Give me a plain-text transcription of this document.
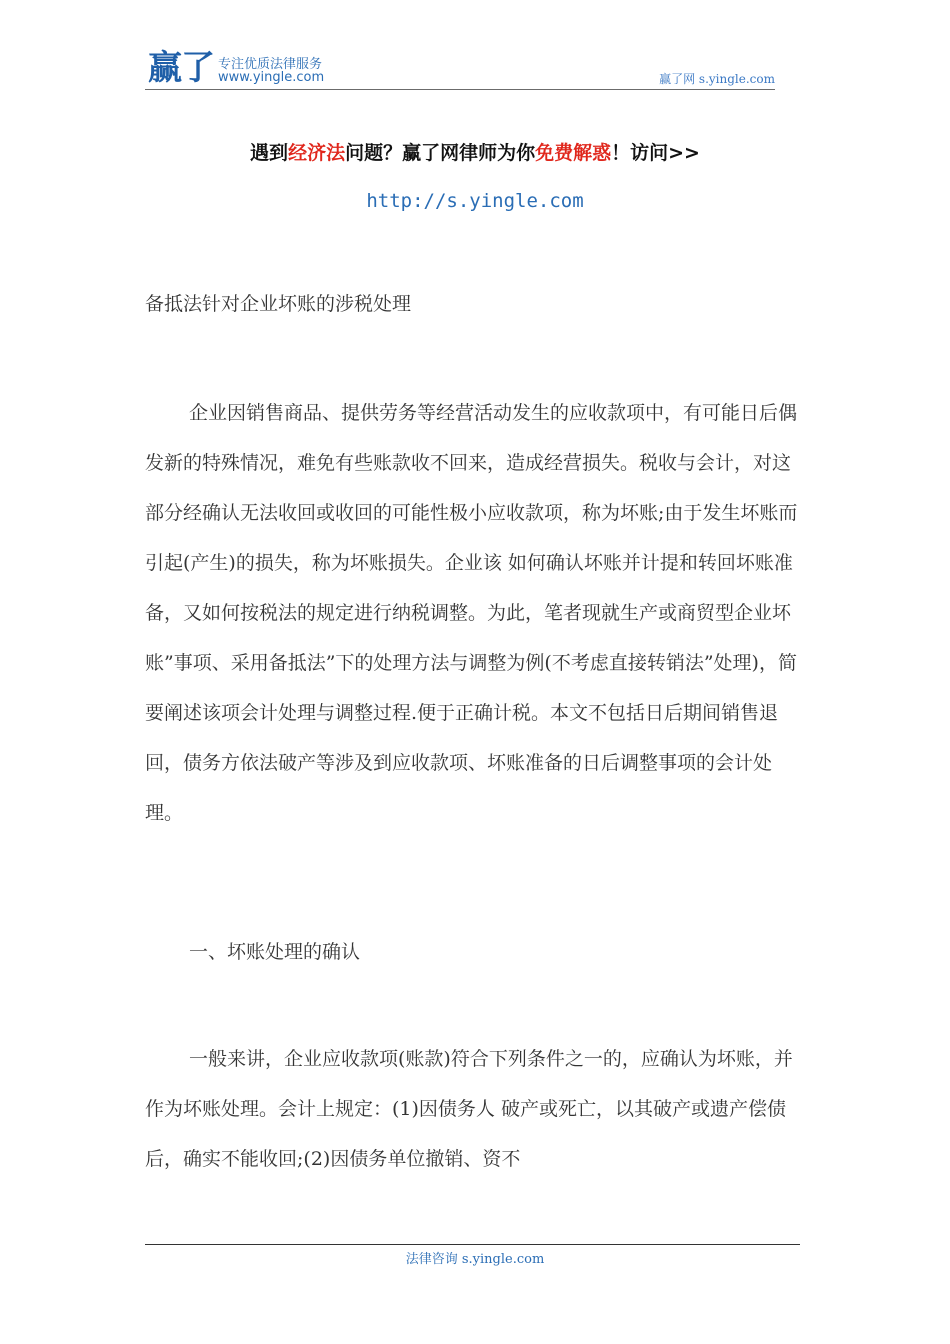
赢了 专注优质法律服务
www.yingle.com	赢了网 s.yingle.com
遇到经济法问题？赢了网律师为你免费解惑！访问>>
http://s.yingle.com
备抵法针对企业坏账的涉税处理

企业因销售商品、提供劳务等经营活动发生的应收款项中，有可能日后偶发新的特殊情况，难免有些账款收不回来，造成经营损失。税收与会计，对这部分经确认无法收回或收回的可能性极小应收款项，称为坏账;由于发生坏账而引起(产生)的损失，称为坏账损失。企业该 如何确认坏账并计提和转回坏账准备，又如何按税法的规定进行纳税调整。为此，笔者现就生产或商贸型企业坏账”事项、采用备抵法”下的处理方法与调整为例(不考虑直接转销法”处理)，简要阐述该项会计处理与调整过程.便于正确计税。本文不包括日后期间销售退回，债务方依法破产等涉及到应收款项、坏账准备的日后调整事项的会计处理。

一、坏账处理的确认

一般来讲，企业应收款项(账款)符合下列条件之一的，应确认为坏账，并作为坏账处理。会计上规定：(1)因债务人 破产或死亡，以其破产或遗产偿债后，确实不能收回;(2)因债务单位撤销、资不

法律咨询 s.yingle.com
